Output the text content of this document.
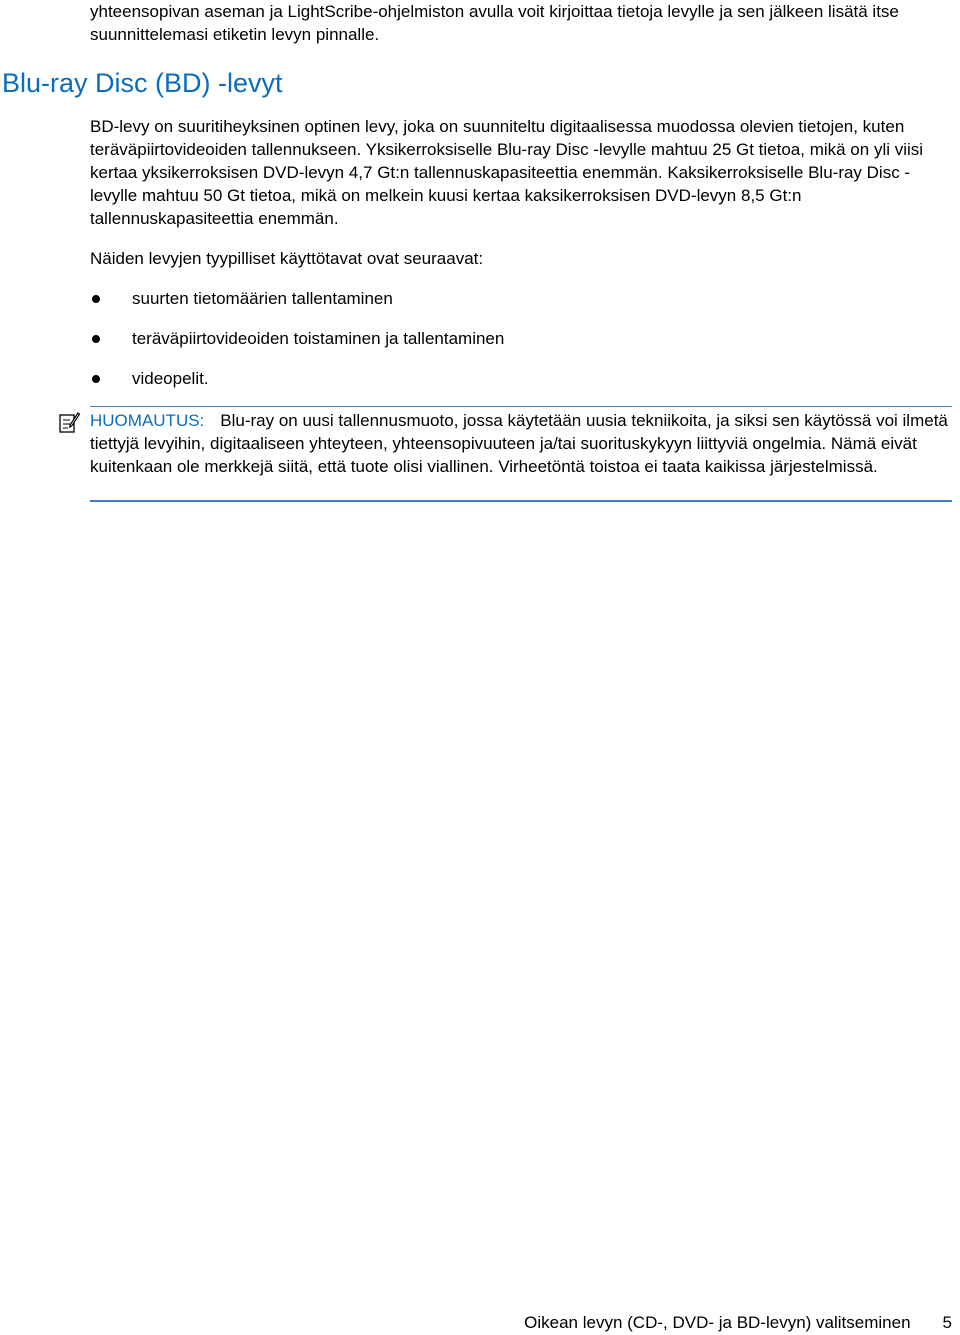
yhteensopivan aseman ja LightScribe-ohjelmiston avulla voit kirjoittaa tietoja levylle ja sen jälkeen lisätä itse suunnittelemasi etiketin levyn pinnalle.

Blu-ray Disc (BD) -levyt

BD-levy on suuritiheyksinen optinen levy, joka on suunniteltu digitaalisessa muodossa olevien tietojen, kuten teräväpiirtovideoiden tallennukseen. Yksikerroksiselle Blu-ray Disc -levylle mahtuu 25 Gt tietoa, mikä on yli viisi kertaa yksikerroksisen DVD-levyn 4,7 Gt:n tallennuskapasiteettia enemmän. Kaksikerroksiselle Blu-ray Disc -levylle mahtuu 50 Gt tietoa, mikä on melkein kuusi kertaa kaksikerroksisen DVD-levyn 8,5 Gt:n tallennuskapasiteettia enemmän.

Näiden levyjen tyypilliset käyttötavat ovat seuraavat:

suurten tietomäärien tallentaminen
teräväpiirtovideoiden toistaminen ja tallentaminen
videopelit.

HUOMAUTUS: Blu-ray on uusi tallennusmuoto, jossa käytetään uusia tekniikoita, ja siksi sen käytössä voi ilmetä tiettyjä levyihin, digitaaliseen yhteyteen, yhteensopivuuteen ja/tai suorituskykyyn liittyviä ongelmia. Nämä eivät kuitenkaan ole merkkejä siitä, että tuote olisi viallinen. Virheetöntä toistoa ei taata kaikissa järjestelmissä.

Oikean levyn (CD-, DVD- ja BD-levyn) valitseminen 5
